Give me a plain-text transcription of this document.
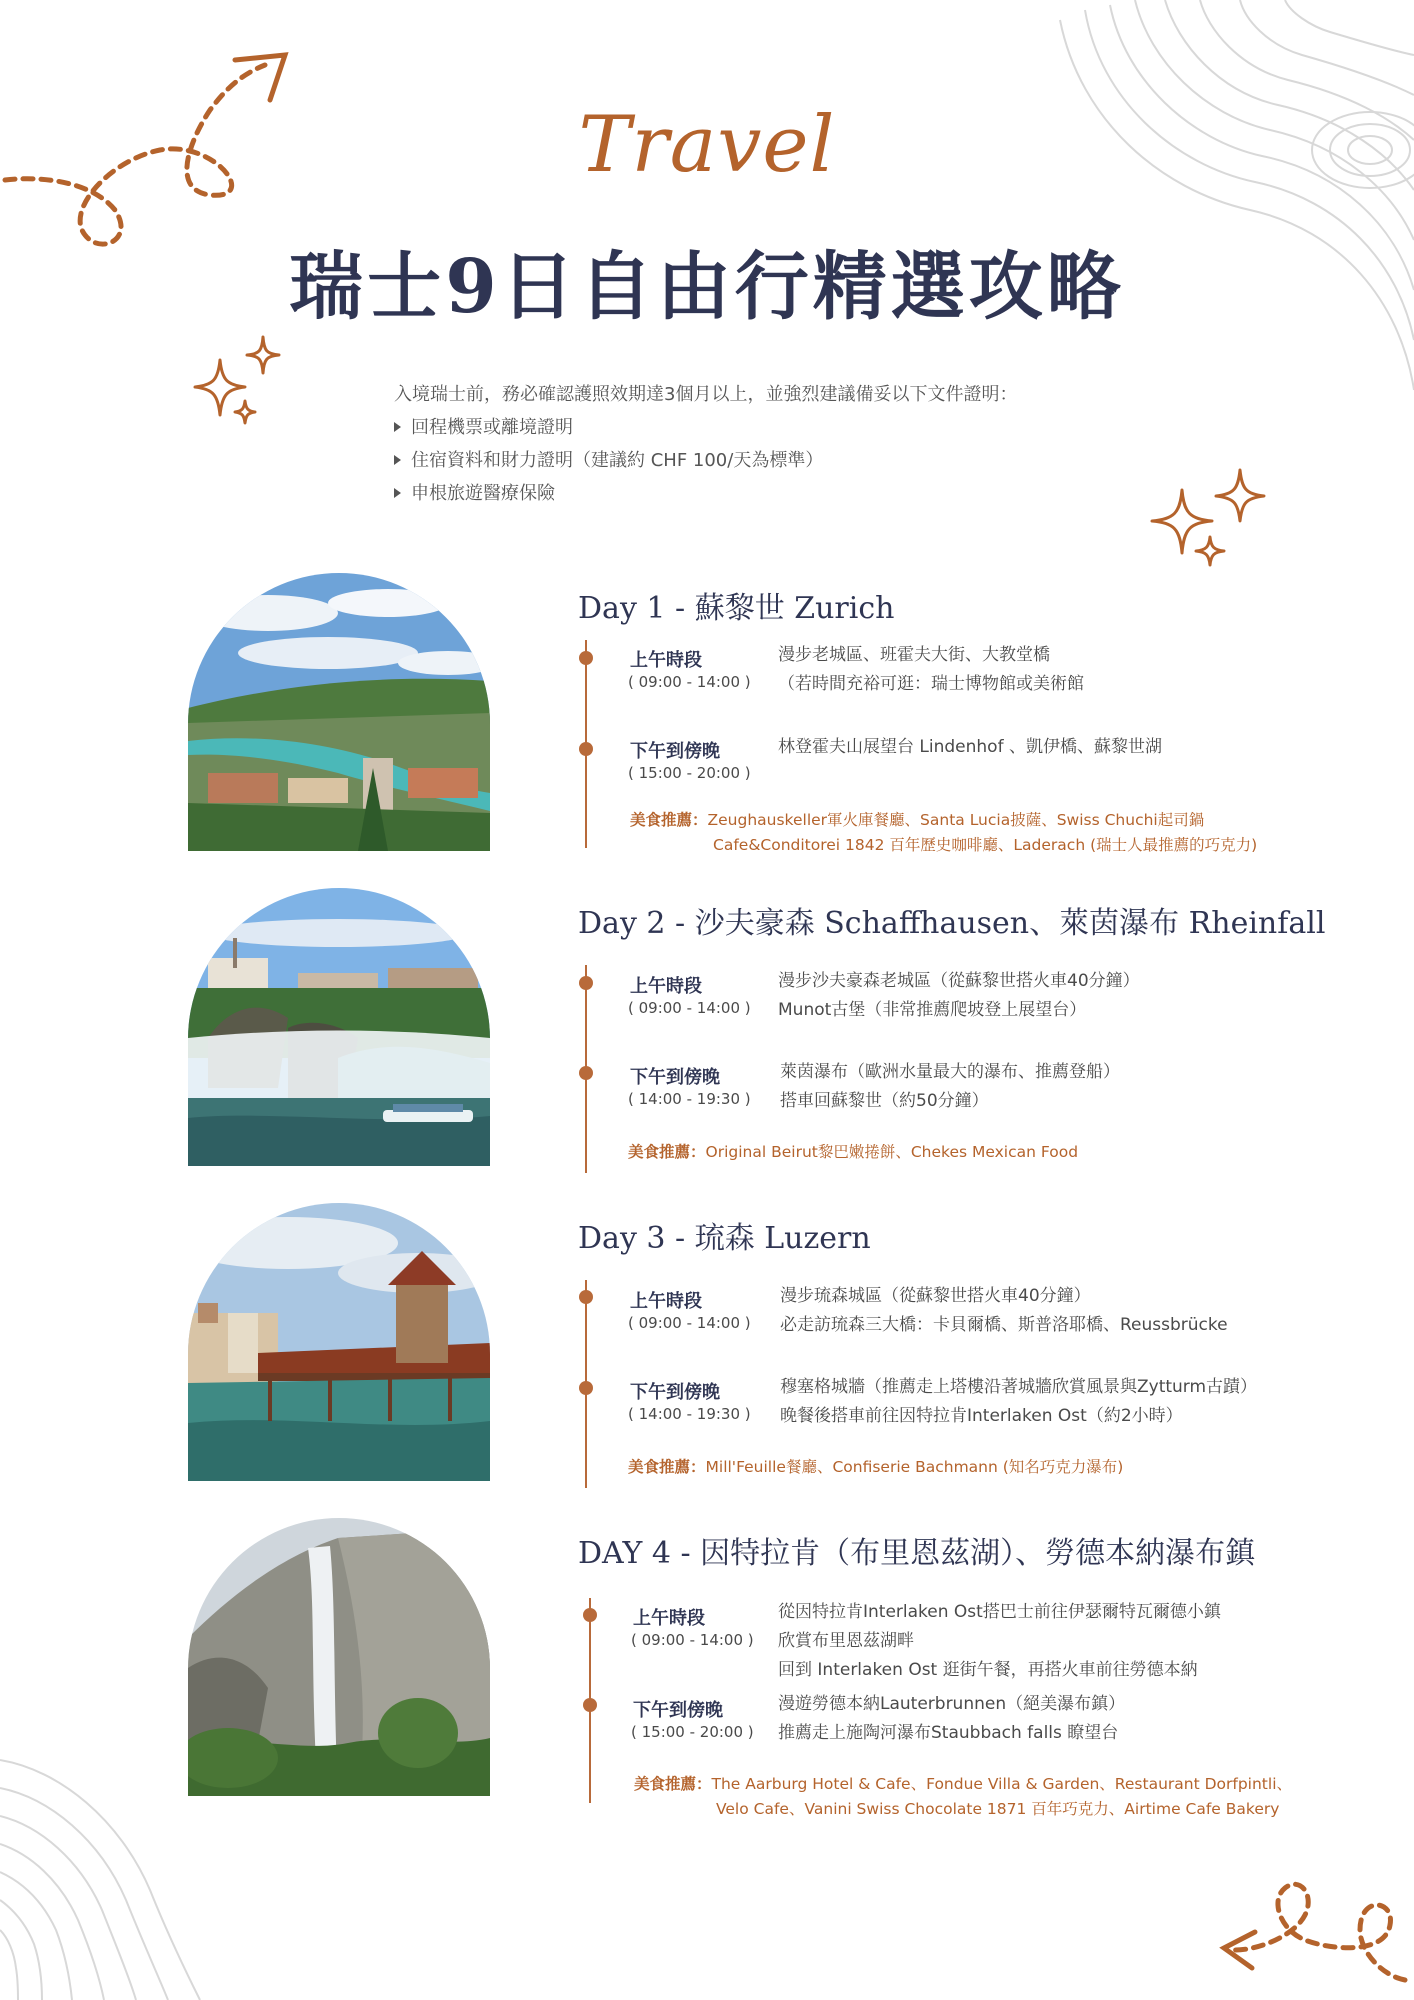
Travel
瑞士9日自由行精選攻略
入境瑞士前，務必確認護照效期達3個月以上，並強烈建議備妥以下文件證明：
回程機票或離境證明
住宿資料和財力證明（建議約 CHF 100/天為標準）
申根旅遊醫療保險
Day 1 - 蘇黎世 Zurich
上午時段
( 09:00 - 14:00 )
漫步老城區、班霍夫大街、大教堂橋
（若時間充裕可逛：瑞士博物館或美術館
下午到傍晚
( 15:00 - 20:00 )
林登霍夫山展望台 Lindenhof 、凱伊橋、蘇黎世湖
美食推薦：Zeughauskeller軍火庫餐廳、Santa Lucia披薩、Swiss Chuchi起司鍋
Cafe&Conditorei 1842 百年歷史咖啡廳、Laderach (瑞士人最推薦的巧克力)
Day 2 - 沙夫豪森 Schaffhausen、萊茵瀑布 Rheinfall
上午時段
( 09:00 - 14:00 )
漫步沙夫豪森老城區（從蘇黎世搭火車40分鐘）
Munot古堡（非常推薦爬坡登上展望台）
下午到傍晚
( 14:00 - 19:30 )
萊茵瀑布（歐洲水量最大的瀑布、推薦登船）
搭車回蘇黎世（約50分鐘）
美食推薦：Original Beirut黎巴嫩捲餅、Chekes Mexican Food
Day 3 - 琉森 Luzern
上午時段
( 09:00 - 14:00 )
漫步琉森城區（從蘇黎世搭火車40分鐘）
必走訪琉森三大橋：卡貝爾橋、斯普洛耶橋、Reussbrücke
下午到傍晚
( 14:00 - 19:30 )
穆塞格城牆（推薦走上塔樓沿著城牆欣賞風景與Zytturm古蹟）
晚餐後搭車前往因特拉肯Interlaken Ost（約2小時）
美食推薦：Mill'Feuille餐廳、Confiserie Bachmann (知名巧克力瀑布)
DAY 4 - 因特拉肯（布里恩茲湖）、勞德本納瀑布鎮
上午時段
( 09:00 - 14:00 )
從因特拉肯Interlaken Ost搭巴士前往伊瑟爾特瓦爾德小鎮
欣賞布里恩茲湖畔
回到 Interlaken Ost 逛街午餐，再搭火車前往勞德本納
下午到傍晚
( 15:00 - 20:00 )
漫遊勞德本納Lauterbrunnen（絕美瀑布鎮）
推薦走上施陶河瀑布Staubbach falls 瞭望台
美食推薦：The Aarburg Hotel & Cafe、Fondue Villa & Garden、Restaurant Dorfpintli、
Velo Cafe、Vanini Swiss Chocolate 1871 百年巧克力、Airtime Cafe Bakery
